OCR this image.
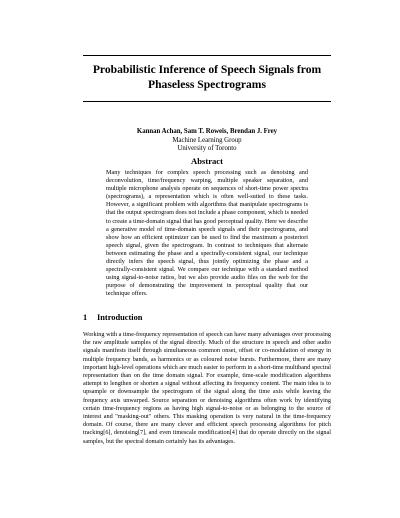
Probabilistic Inference of Speech Signals from
Phaseless Spectrograms
Kannan Achan, Sam T. Roweis, Brendan J. Frey
Machine Learning Group
University of Toronto
Abstract
Many techniques for complex speech processing such as denoising and deconvolution, time/frequency warping, multiple speaker separation, and multiple microphone analysis operate on sequences of short-time power spectra (spectrograms), a representation which is often well-suited to these tasks. However, a significant problem with algorithms that manipulate spectrograms is that the output spectrogram does not include a phase component, which is needed to create a time-domain signal that has good perceptual quality. Here we describe a generative model of time-domain speech signals and their spectrograms, and show how an efficient optimizer can be used to find the maximum a posteriori speech signal, given the spectrogram. In contrast to techniques that alternate between estimating the phase and a spectrally-consistent signal, our technique directly infers the speech signal, thus jointly optimizing the phase and a spectrally-consistent signal. We compare our technique with a standard method using signal-to-noise ratios, but we also provide audio files on the web for the purpose of demonstrating the improvement in perceptual quality that our technique offers.
1 Introduction
Working with a time-frequency representation of speech can have many advantages over processing the raw amplitude samples of the signal directly. Much of the structure in speech and other audio signals manifests itself through simultaneous common onset, offset or co-modulation of energy in multiple frequency bands, as harmonics or as coloured noise bursts. Furthermore, there are many important high-level operations which are much easier to perform in a short-time multiband spectral representation than on the time domain signal. For example, time-scale modification algorithms attempt to lengthen or shorten a signal without affecting its frequency content. The main idea is to upsample or downsample the spectrogram of the signal along the time axis while leaving the frequency axis unwarped. Source separation or denoising algorithms often work by identifying certain time-frequency regions as having high signal-to-noise or as belonging to the source of interest and "masking-out" others. This masking operation is very natural in the time-frequency domain. Of course, there are many clever and efficient speech processing algorithms for pitch tracking[6], denoising[7], and even timescale modification[4] that do operate directly on the signal samples, but the spectral domain certainly has its advantages.
